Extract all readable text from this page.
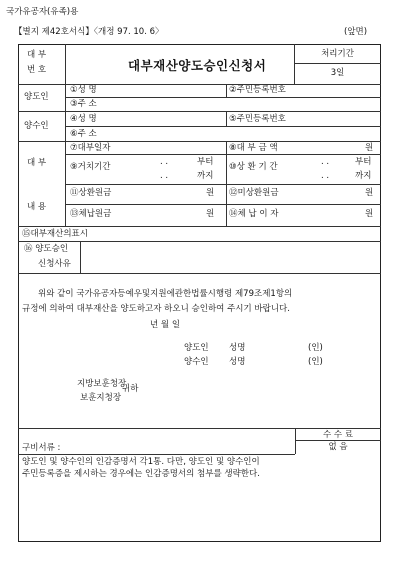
국가유공자(유족)용
【별지 제42호서식】〈개정 97. 10. 6〉	(앞면)
대 부
번 호	대부재산양도승인신청서
처리기간
3일
양도인
①성 명	②주민등록번호
③주 소
양수인
④성 명	⑤주민등록번호
⑥주 소
대 부
내 용
⑦대부일자	⑧대 부 금 액	원
⑨거치기간	. .	부터
. .	까지
⑩상 환 기 간	. .	부터
. .	까지
⑪상환원금	원 ⑫미상환원금	원
⑬체납원금	원 ⑭체 납 이 자	원
⑮대부재산의표시
⑯ 양도승인
신청사유
위와 같이 국가유공자등예우및지원에관한법률시행령 제79조제1항의
규정에 의하여 대부재산을 양도하고자 하오니 승인하여 주시기 바랍니다.
년 월 일
양도인 성명	(인)
양수인 성명	(인)
지방보훈청장
보훈지청장
귀하
수 수 료
없 음
구비서류 :
양도인 및 양수인의 인감증명서 각1통. 다만, 양도인 및 양수인이
주민등록증을 제시하는 경우에는 인감증명서의 첨부를 생략한다.
